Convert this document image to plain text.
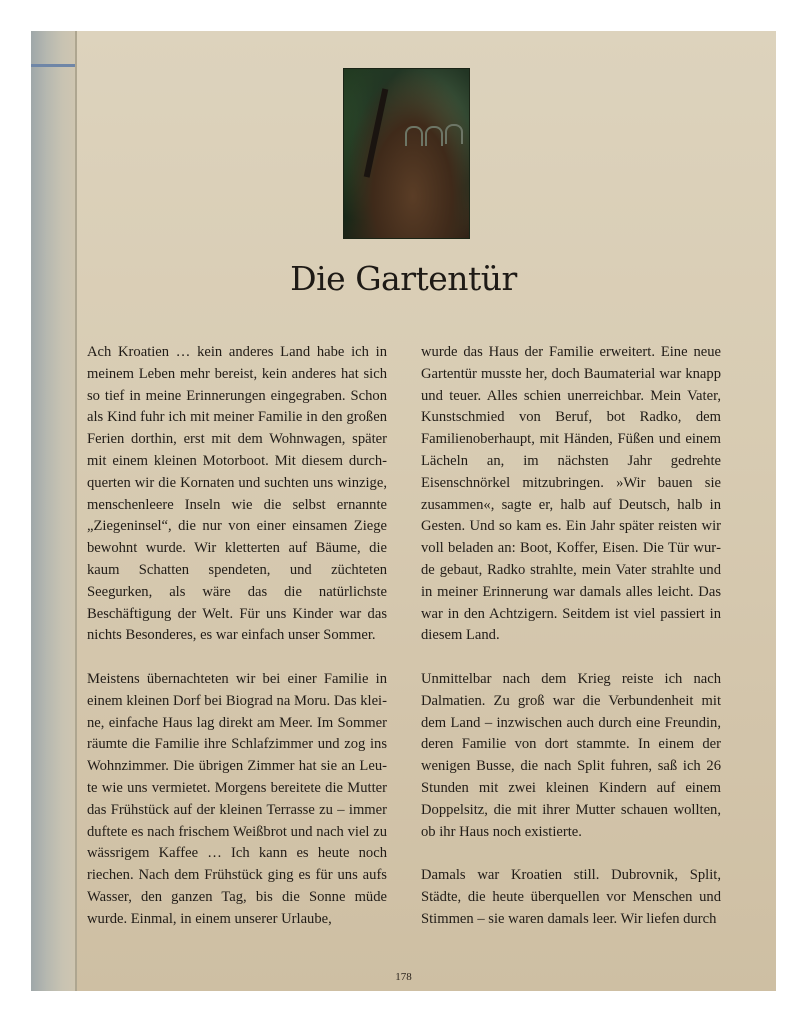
Die Gartentür

Ach Kroatien … kein anderes Land habe ich in meinem Leben mehr bereist, kein anderes hat sich so tief in meine Erinnerungen eingegraben. Schon als Kind fuhr ich mit meiner Familie in den großen Ferien dorthin, erst mit dem Wohnwagen, später mit einem kleinen Motorboot. Mit diesem durchquerten wir die Kornaten und suchten uns winzige, menschenleere Inseln wie die selbst ernannte „Ziegeninsel“, die nur von einer einsamen Ziege bewohnt wurde. Wir kletterten auf Bäume, die kaum Schatten spendeten, und züchteten Seegurken, als wäre das die natürlichste Beschäftigung der Welt. Für uns Kinder war das nichts Besonderes, es war einfach unser Sommer.

Meistens übernachteten wir bei einer Familie in einem kleinen Dorf bei Biograd na Moru. Das kleine, einfache Haus lag direkt am Meer. Im Sommer räumte die Familie ihre Schlafzimmer und zog ins Wohnzimmer. Die übrigen Zimmer hat sie an Leute wie uns vermietet. Morgens bereitete die Mutter das Frühstück auf der kleinen Terrasse zu – immer duftete es nach frischem Weißbrot und nach viel zu wässrigem Kaffee … Ich kann es heute noch riechen. Nach dem Frühstück ging es für uns aufs Wasser, den ganzen Tag, bis die Sonne müde wurde. Einmal, in einem unserer Urlaube,

wurde das Haus der Familie erweitert. Eine neue Gartentür musste her, doch Baumaterial war knapp und teuer. Alles schien unerreichbar. Mein Vater, Kunstschmied von Beruf, bot Radko, dem Familienoberhaupt, mit Händen, Füßen und einem Lächeln an, im nächsten Jahr gedrehte Eisenschnörkel mitzubringen. »Wir bauen sie zusammen«, sagte er, halb auf Deutsch, halb in Gesten. Und so kam es. Ein Jahr später reisten wir voll beladen an: Boot, Koffer, Eisen. Die Tür wurde gebaut, Radko strahlte, mein Vater strahlte und in meiner Erinnerung war damals alles leicht. Das war in den Achtzigern. Seitdem ist viel passiert in diesem Land.

Unmittelbar nach dem Krieg reiste ich nach Dalmatien. Zu groß war die Verbundenheit mit dem Land – inzwischen auch durch eine Freundin, deren Familie von dort stammte. In einem der wenigen Busse, die nach Split fuhren, saß ich 26 Stunden mit zwei kleinen Kindern auf einem Doppelsitz, die mit ihrer Mutter schauen wollten, ob ihr Haus noch existierte.

Damals war Kroatien still. Dubrovnik, Split, Städte, die heute überquellen vor Menschen und Stimmen – sie waren damals leer. Wir liefen durch

178
